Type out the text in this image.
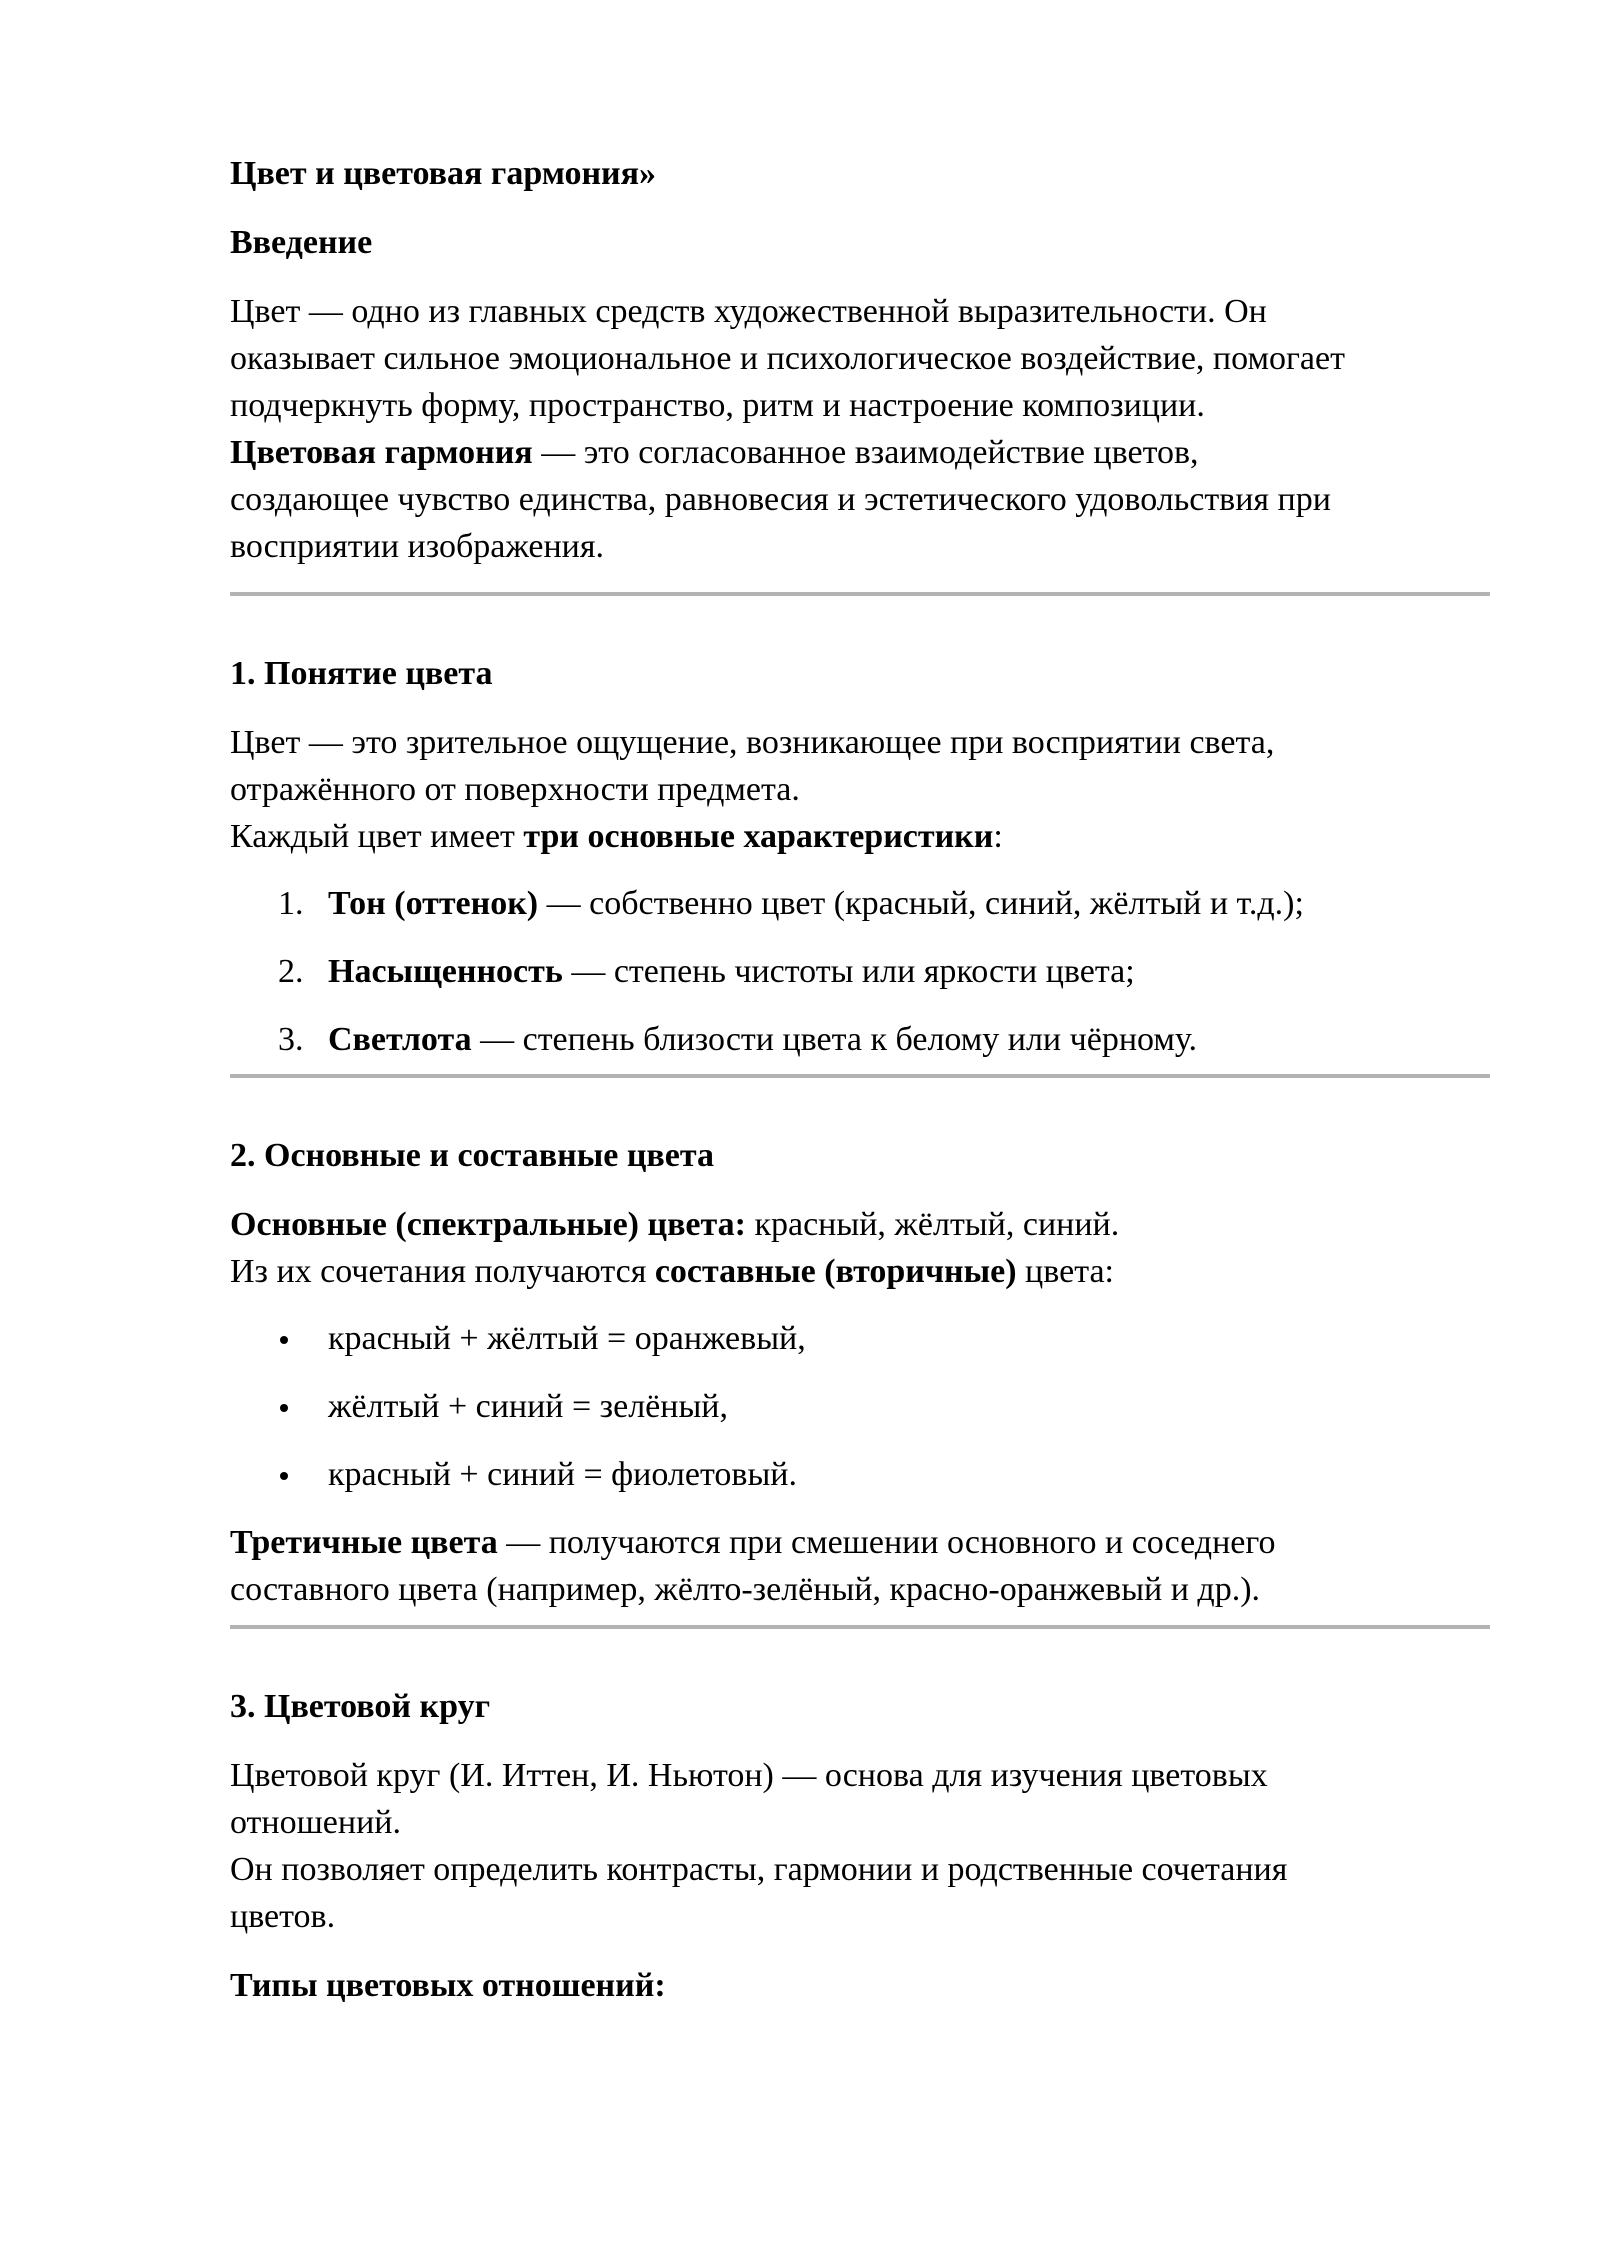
Цвет и цветовая гармония»
Введение
Цвет — одно из главных средств художественной выразительности. Он
оказывает сильное эмоциональное и психологическое воздействие, помогает
подчеркнуть форму, пространство, ритм и настроение композиции.
Цветовая гармония — это согласованное взаимодействие цветов,
создающее чувство единства, равновесия и эстетического удовольствия при
восприятии изображения.
1. Понятие цвета
Цвет — это зрительное ощущение, возникающее при восприятии света,
отражённого от поверхности предмета.
Каждый цвет имеет три основные характеристики:
1. Тон (оттенок) — собственно цвет (красный, синий, жёлтый и т.д.);
2. Насыщенность — степень чистоты или яркости цвета;
3. Светлота — степень близости цвета к белому или чёрному.
2. Основные и составные цвета
Основные (спектральные) цвета: красный, жёлтый, синий.
Из их сочетания получаются составные (вторичные) цвета:
красный + жёлтый = оранжевый,
жёлтый + синий = зелёный,
красный + синий = фиолетовый.
Третичные цвета — получаются при смешении основного и соседнего
составного цвета (например, жёлто-зелёный, красно-оранжевый и др.).
3. Цветовой круг
Цветовой круг (И. Иттен, И. Ньютон) — основа для изучения цветовых
отношений.
Он позволяет определить контрасты, гармонии и родственные сочетания
цветов.
Типы цветовых отношений:
